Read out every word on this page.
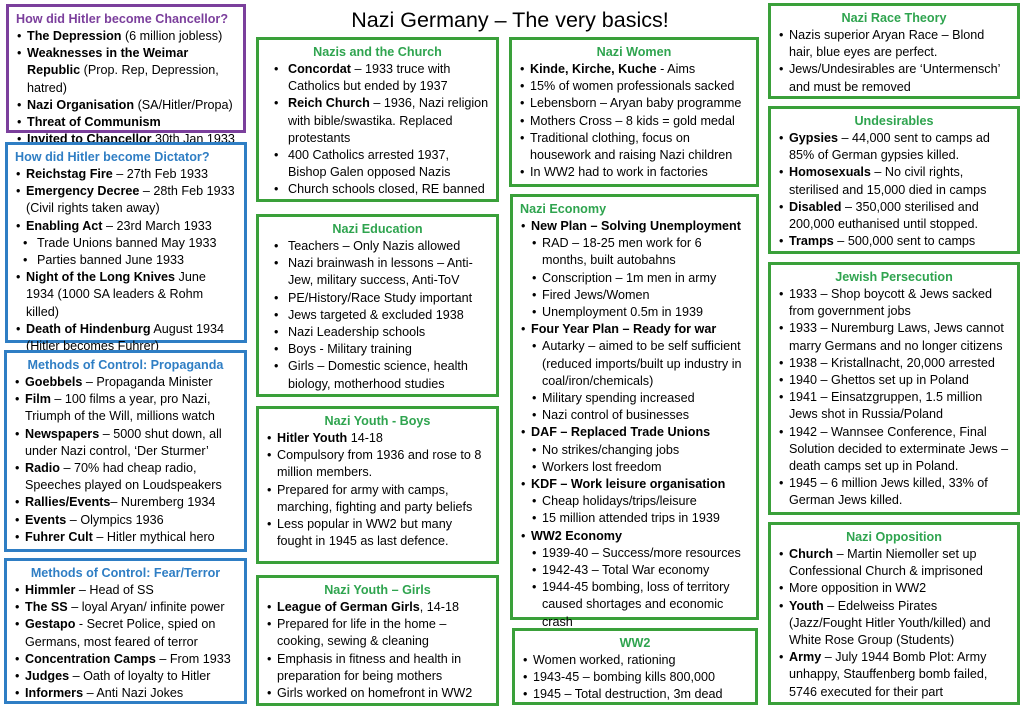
Nazi Germany – The very basics!
How did Hitler become Chancellor?
• The Depression (6 million jobless)
• Weaknesses in the Weimar Republic (Prop. Rep, Depression, hatred)
• Nazi Organisation (SA/Hitler/Propa)
• Threat of Communism
• Invited to Chancellor 30th Jan 1933
How did Hitler become Dictator?
• Reichstag Fire – 27th Feb 1933
• Emergency Decree – 28th Feb 1933 (Civil rights taken away)
• Enabling Act – 23rd March 1933
• Trade Unions banned May 1933
• Parties banned June 1933
• Night of the Long Knives June 1934 (1000 SA leaders & Rohm killed)
• Death of Hindenburg August 1934 (Hitler becomes Fuhrer)
Methods of Control: Propaganda
• Goebbels – Propaganda Minister
• Film – 100 films a year, pro Nazi, Triumph of the Will, millions watch
• Newspapers – 5000 shut down, all under Nazi control, ‘Der Sturmer’
• Radio – 70% had cheap radio, Speeches played on Loudspeakers
• Rallies/Events– Nuremberg 1934
• Events – Olympics 1936
• Fuhrer Cult – Hitler mythical hero
Methods of Control: Fear/Terror
• Himmler – Head of SS
• The SS – loyal Aryan/ infinite power
• Gestapo - Secret Police, spied on Germans, most feared of terror
• Concentration Camps – From 1933
• Judges – Oath of loyalty to Hitler
• Informers – Anti Nazi Jokes
Nazis and the Church
• Concordat – 1933 truce with Catholics but ended by 1937
• Reich Church – 1936, Nazi religion with bible/swastika. Replaced protestants
• 400 Catholics arrested 1937, Bishop Galen opposed Nazis
• Church schools closed, RE banned
Nazi Education
• Teachers – Only Nazis allowed
• Nazi brainwash in lessons – Anti-Jew, military success, Anti-ToV
• PE/History/Race Study important
• Jews targeted & excluded 1938
• Nazi Leadership schools
• Boys - Military training
• Girls – Domestic science, health biology, motherhood studies
Nazi Youth - Boys
• Hitler Youth 14-18
• Compulsory from 1936 and rose to 8 million members.
• Prepared for army with camps, marching, fighting and party beliefs
• Less popular in WW2 but many fought in 1945 as last defence.
Nazi Youth – Girls
• League of German Girls, 14-18
• Prepared for life in the home – cooking, sewing & cleaning
• Emphasis in fitness and health in preparation for being mothers
• Girls worked on homefront in WW2
Nazi Women
• Kinde, Kirche, Kuche - Aims
• 15% of women professionals sacked
• Lebensborn – Aryan baby programme
• Mothers Cross – 8 kids = gold medal
• Traditional clothing, focus on housework and raising Nazi children
• In WW2 had to work in factories
Nazi Economy
• New Plan – Solving Unemployment
• RAD – 18-25 men work for 6 months, built autobahns
• Conscription – 1m men in army
• Fired Jews/Women
• Unemployment 0.5m in 1939
• Four Year Plan – Ready for war
• Autarky – aimed to be self sufficient (reduced imports/built up industry in coal/iron/chemicals)
• Military spending increased
• Nazi control of businesses
• DAF – Replaced Trade Unions
• No strikes/changing jobs
• Workers lost freedom
• KDF – Work leisure organisation
• Cheap holidays/trips/leisure
• 15 million attended trips in 1939
• WW2 Economy
• 1939-40 – Success/more resources
• 1942-43 – Total War economy
• 1944-45 bombing, loss of territory caused shortages and economic crash
WW2
• Women worked, rationing
• 1943-45 – bombing kills 800,000
• 1945 – Total destruction, 3m dead
Nazi Race Theory
• Nazis superior Aryan Race – Blond hair, blue eyes are perfect.
• Jews/Undesirables are ‘Untermensch’ and must be removed
Undesirables
• Gypsies – 44,000 sent to camps ad 85% of German gypsies killed.
• Homosexuals – No civil rights, sterilised and 15,000 died in camps
• Disabled – 350,000 sterilised and 200,000 euthanised until stopped.
• Tramps – 500,000 sent to camps
Jewish Persecution
• 1933 – Shop boycott & Jews sacked from government jobs
• 1933 – Nuremburg Laws, Jews cannot marry Germans and no longer citizens
• 1938 – Kristallnacht, 20,000 arrested
• 1940 – Ghettos set up in Poland
• 1941 – Einsatzgruppen, 1.5 million Jews shot in Russia/Poland
• 1942 – Wannsee Conference, Final Solution decided to exterminate Jews – death camps set up in Poland.
• 1945 – 6 million Jews killed, 33% of German Jews killed.
Nazi Opposition
• Church – Martin Niemoller set up Confessional Church & imprisoned
• More opposition in WW2
• Youth – Edelweiss Pirates (Jazz/Fought Hitler Youth/killed) and White Rose Group (Students)
• Army – July 1944 Bomb Plot: Army unhappy, Stauffenberg bomb failed, 5746 executed for their part
